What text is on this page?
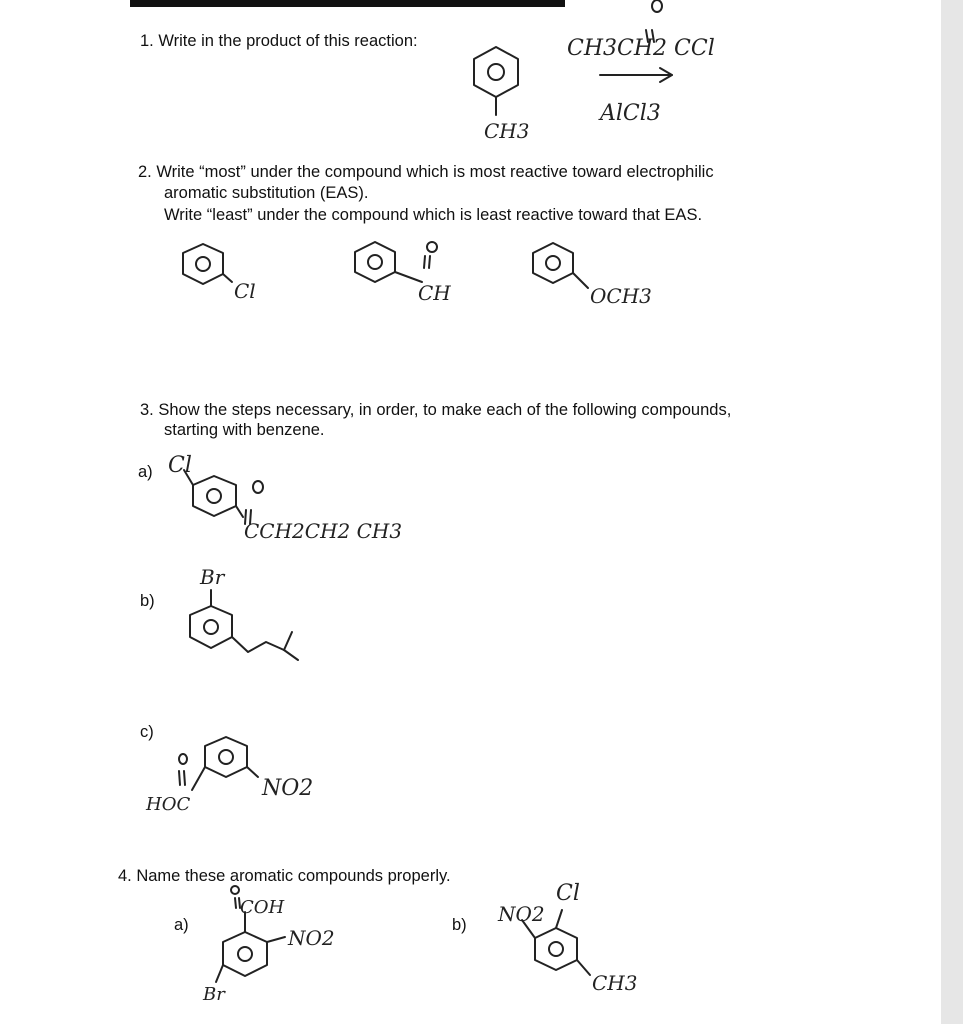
1. Write in the product of this reaction:
2. Write “most” under the compound which is most reactive toward electrophilic
aromatic substitution (EAS).
Write “least” under the compound which is least reactive toward that EAS.
3. Show the steps necessary, in order, to make each of the following compounds,
starting with benzene.
a)
b)
c)
4. Name these aromatic compounds properly.
a)	b)
CH3CH2 CCl
AlCl3
CH3
Cl	CH	OCH3
Cl
CCH2CH2 CH3
Br
HOC
NO2
COH
NO2
Br
NO2
Cl
CH3
